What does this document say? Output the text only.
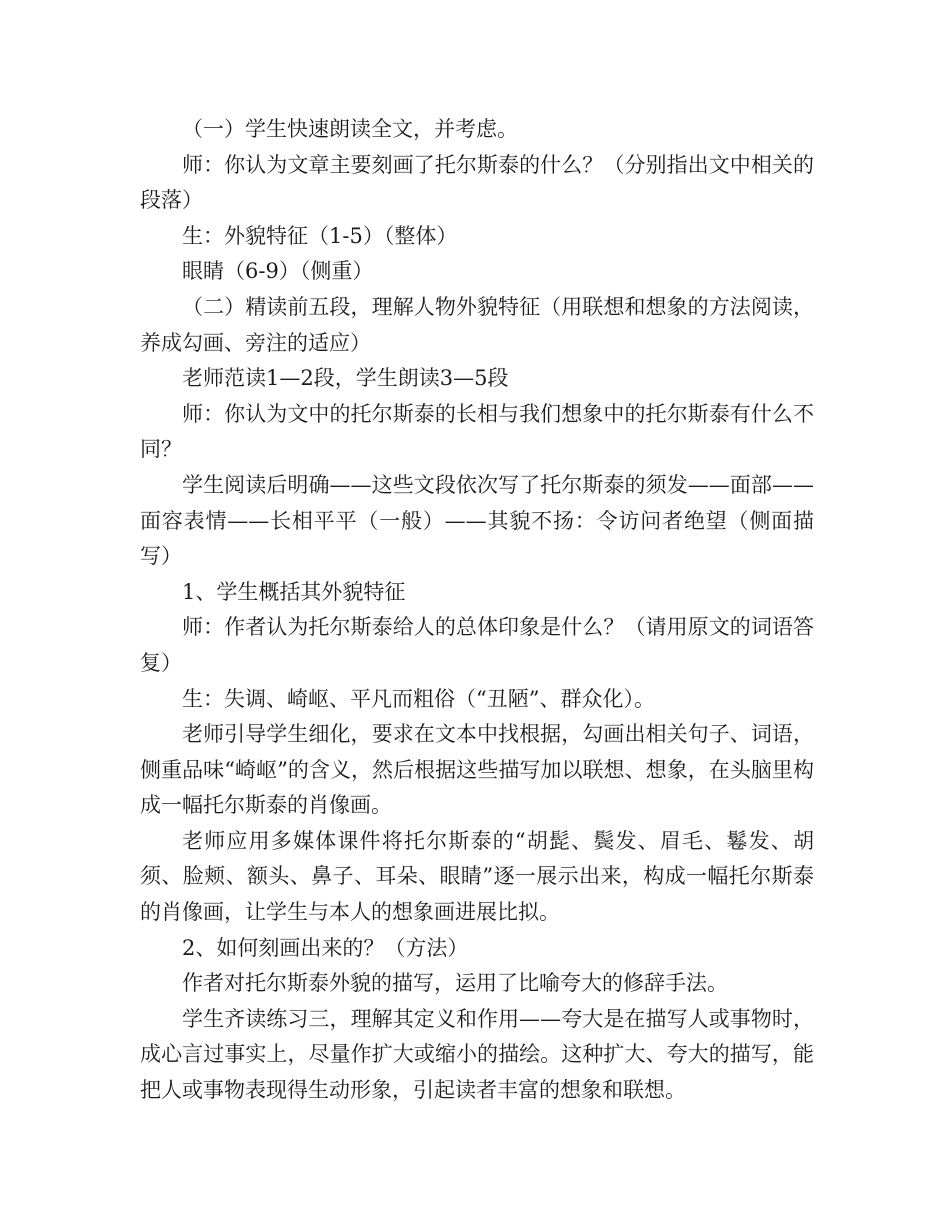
（一）学生快速朗读全文，并考虑。

师：你认为文章主要刻画了托尔斯泰的什么？（分别指出文中相关的段落）

生：外貌特征（1-5）（整体）

眼睛（6-9）（侧重）

（二）精读前五段，理解人物外貌特征（用联想和想象的方法阅读，养成勾画、旁注的适应）

老师范读1—2段，学生朗读3—5段

师：你认为文中的托尔斯泰的长相与我们想象中的托尔斯泰有什么不同？

学生阅读后明确——这些文段依次写了托尔斯泰的须发——面部——面容表情——长相平平（一般）——其貌不扬：令访问者绝望（侧面描写）

1、学生概括其外貌特征

师：作者认为托尔斯泰给人的总体印象是什么？（请用原文的词语答复）

生：失调、崎岖、平凡而粗俗（“丑陋”、群众化）。

老师引导学生细化，要求在文本中找根据，勾画出相关句子、词语，侧重品味“崎岖”的含义，然后根据这些描写加以联想、想象，在头脑里构成一幅托尔斯泰的肖像画。

老师应用多媒体课件将托尔斯泰的“胡髭、鬓发、眉毛、鬈发、胡须、脸颊、额头、鼻子、耳朵、眼睛”逐一展示出来，构成一幅托尔斯泰的肖像画，让学生与本人的想象画进展比拟。

2、如何刻画出来的？（方法）

作者对托尔斯泰外貌的描写，运用了比喻夸大的修辞手法。

学生齐读练习三，理解其定义和作用——夸大是在描写人或事物时，成心言过事实上，尽量作扩大或缩小的描绘。这种扩大、夸大的描写，能把人或事物表现得生动形象，引起读者丰富的想象和联想。
